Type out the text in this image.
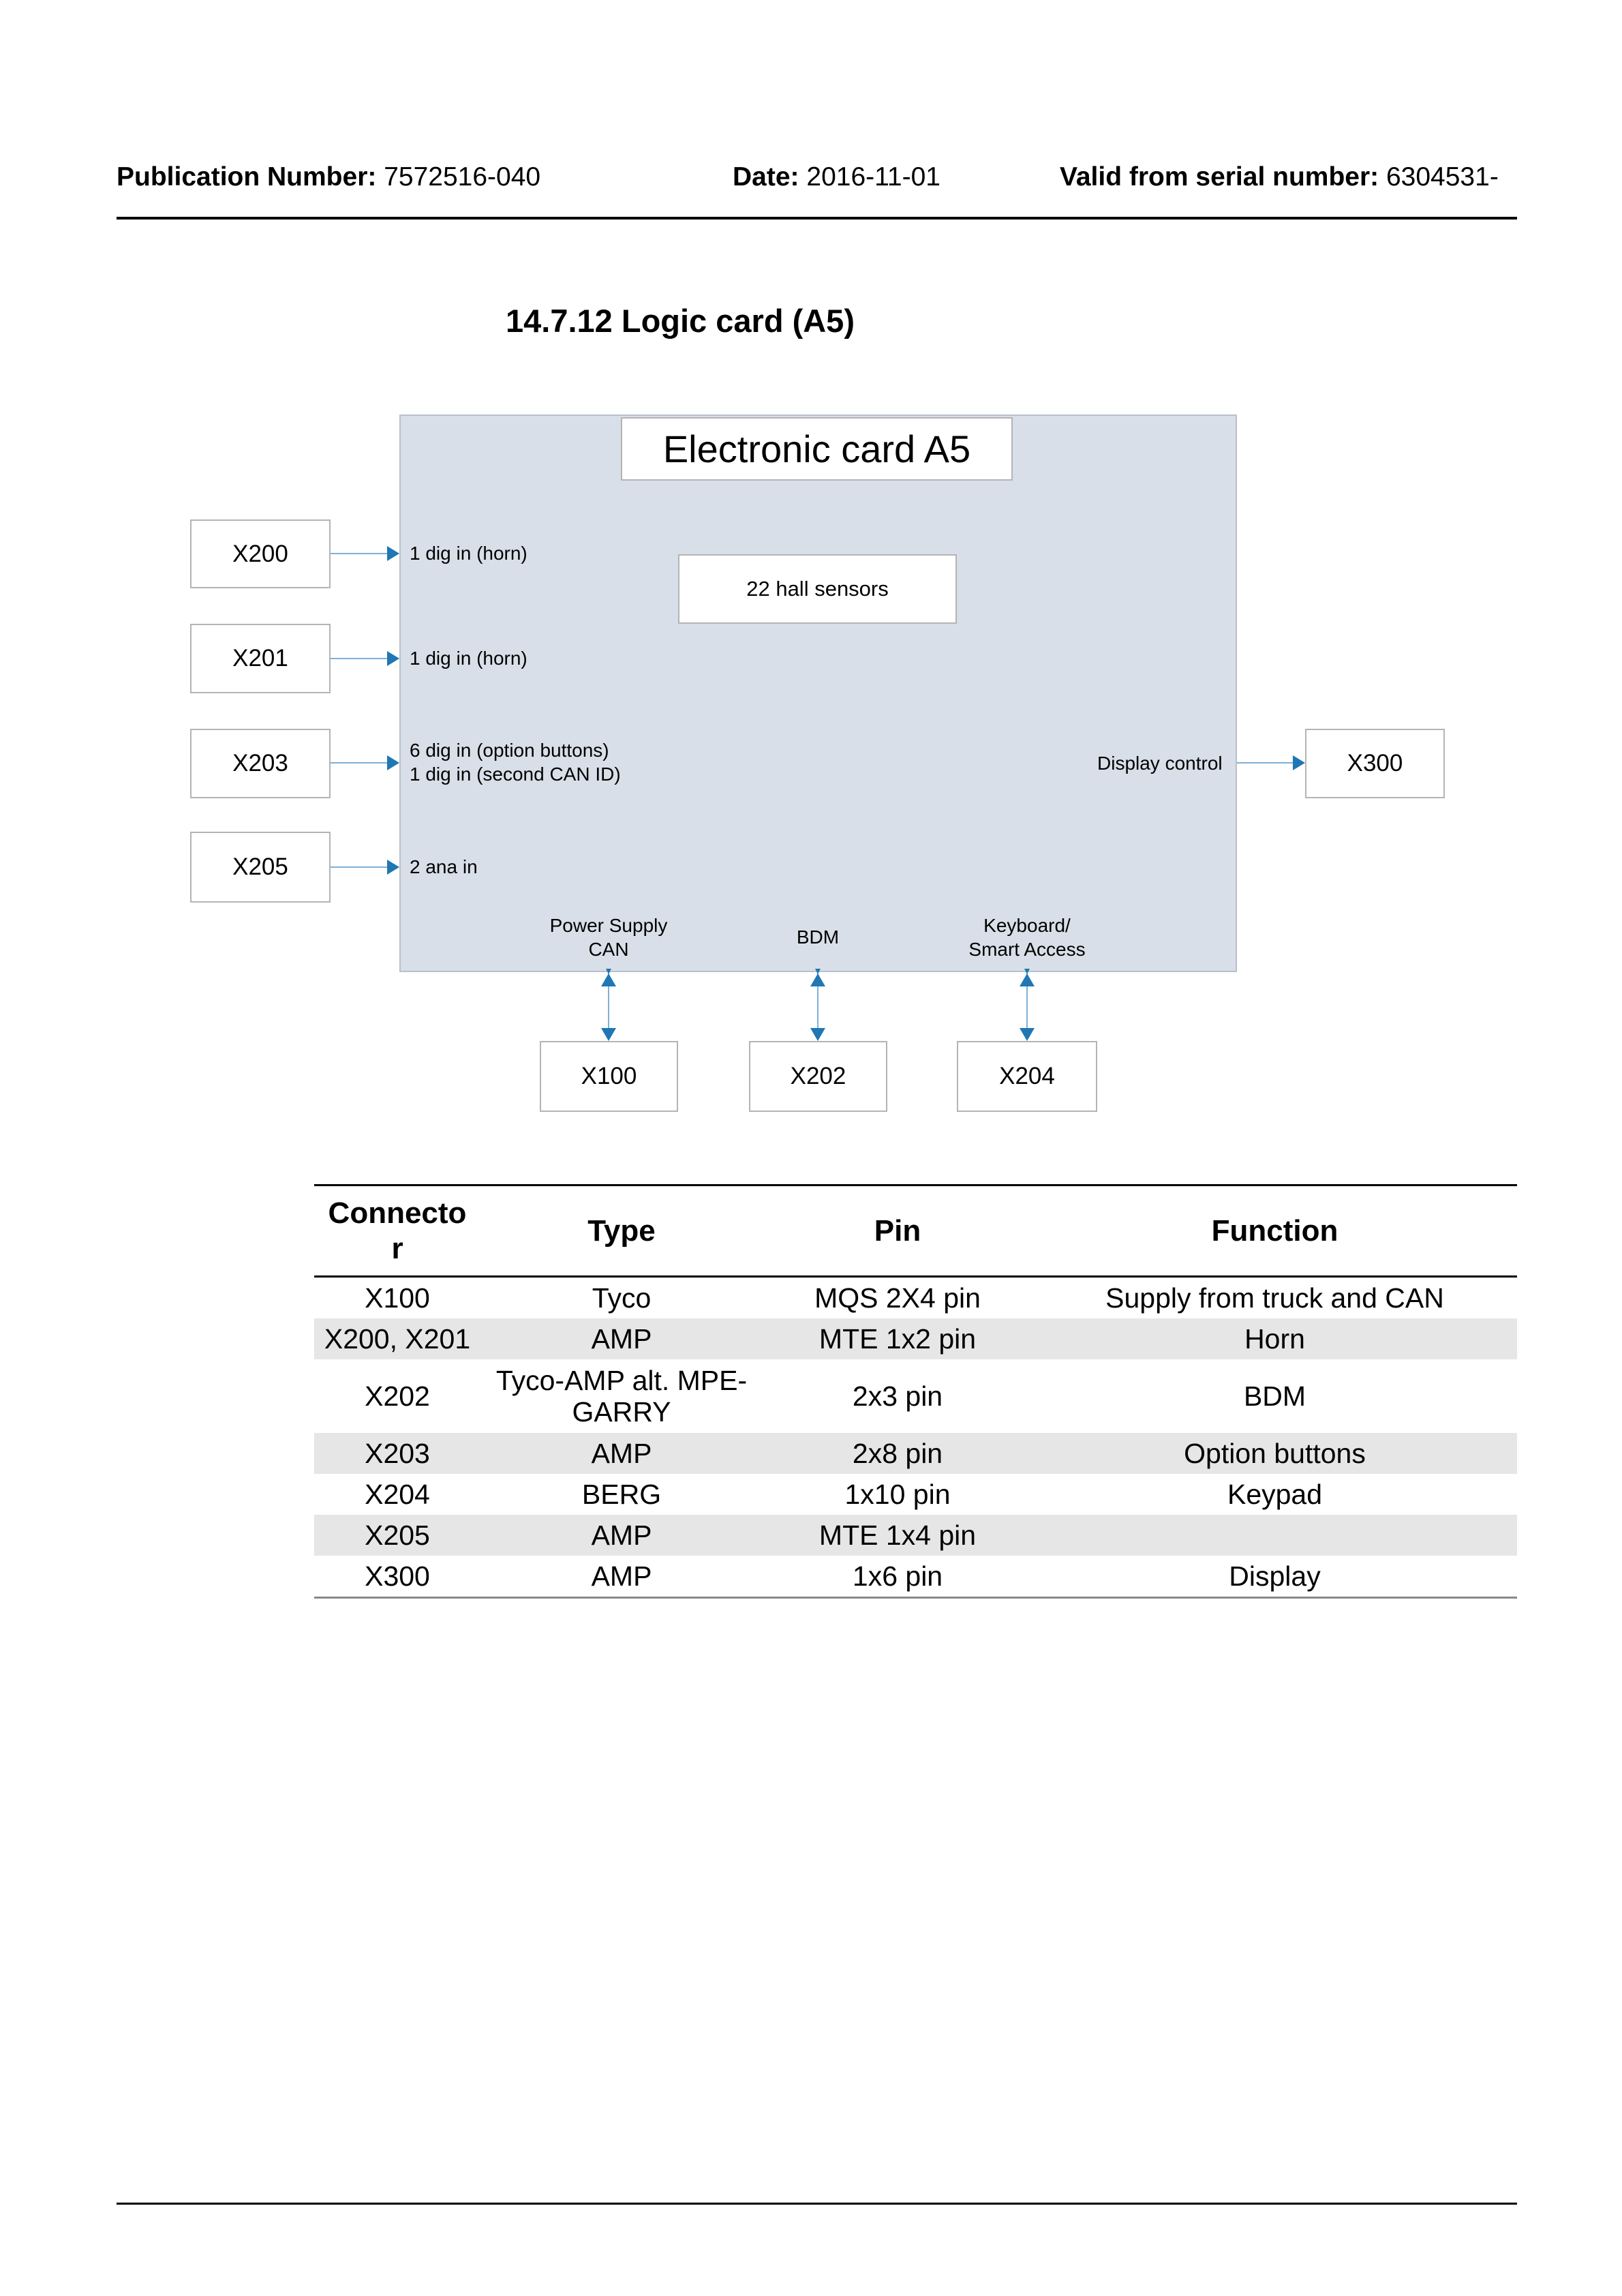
Publication Number: 7572516-040	Date: 2016-11-01	Valid from serial number: 6304531-
14.7.12 Logic card (A5)
Electronic card A5
22 hall sensors
X200
X201
X203
X205
X300
X100	X202	X204
1 dig in (horn)
1 dig in (horn)
6 dig in (option buttons)
1 dig in (second CAN ID)
2 ana in
Display control
Power Supply
CAN
BDM
Keyboard/
Smart Access
Connecto r	Type	Pin	Function
X100	Tyco	MQS 2X4 pin	Supply from truck and CAN
X200, X201	AMP	MTE 1x2 pin	Horn
X202	Tyco-AMP alt. MPE-GARRY	2x3 pin	BDM
X203	AMP	2x8 pin	Option buttons
X204	BERG	1x10 pin	Keypad
X205	AMP	MTE 1x4 pin	
X300	AMP	1x6 pin	Display
